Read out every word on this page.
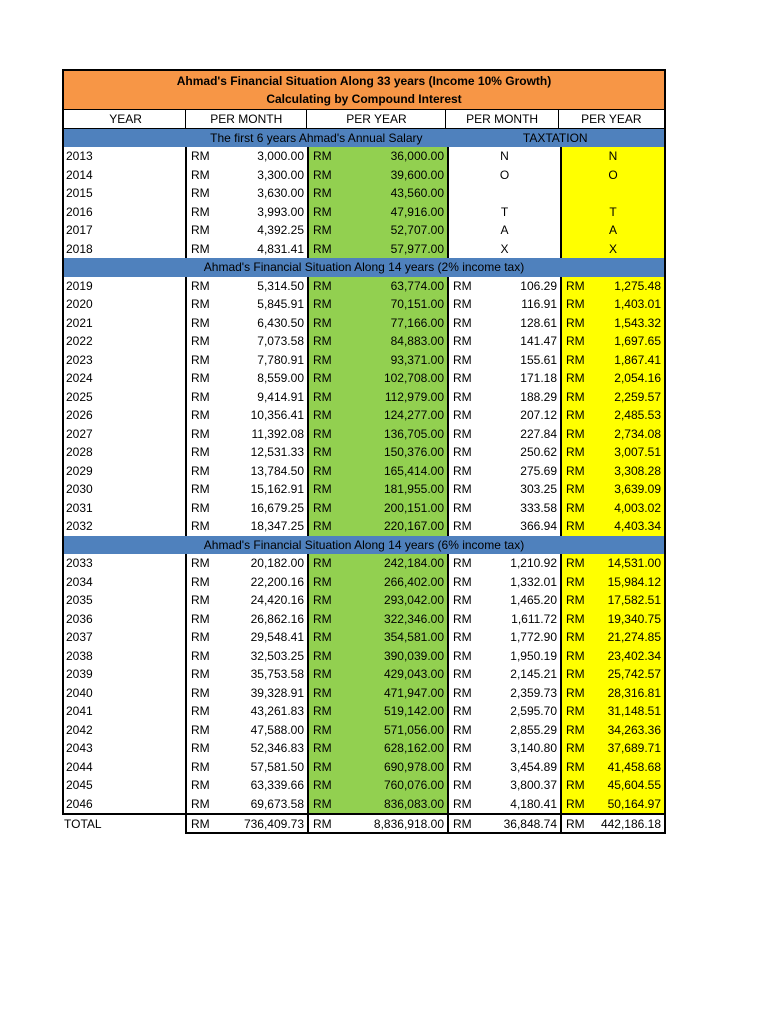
Ahmad's Financial Situation Along 33 years (Income 10% Growth)
Calculating by Compound Interest
YEAR	PER MONTH	PER YEAR	PER MONTH	PER YEAR
The first 6 years Ahmad's Annual Salary	TAXTATION
2013	RM	3,000.00 RM	36,000.00	N	N
2014	RM	3,300.00 RM	39,600.00	O	O
2015	RM	3,630.00 RM	43,560.00
2016	RM	3,993.00 RM	47,916.00	T	T
2017	RM	4,392.25 RM	52,707.00	A	A
2018	RM	4,831.41 RM	57,977.00	X	X
Ahmad's Financial Situation Along 14 years (2% income tax)
2019	RM	5,314.50 RM	63,774.00 RM	106.29 RM	1,275.48
2020	RM	5,845.91 RM	70,151.00 RM	116.91 RM	1,403.01
2021	RM	6,430.50 RM	77,166.00 RM	128.61 RM	1,543.32
2022	RM	7,073.58 RM	84,883.00 RM	141.47 RM	1,697.65
2023	RM	7,780.91 RM	93,371.00 RM	155.61 RM	1,867.41
2024	RM	8,559.00 RM	102,708.00 RM	171.18 RM	2,054.16
2025	RM	9,414.91 RM	112,979.00 RM	188.29 RM	2,259.57
2026	RM	10,356.41 RM	124,277.00 RM	207.12 RM	2,485.53
2027	RM	11,392.08 RM	136,705.00 RM	227.84 RM	2,734.08
2028	RM	12,531.33 RM	150,376.00 RM	250.62 RM	3,007.51
2029	RM	13,784.50 RM	165,414.00 RM	275.69 RM	3,308.28
2030	RM	15,162.91 RM	181,955.00 RM	303.25 RM	3,639.09
2031	RM	16,679.25 RM	200,151.00 RM	333.58 RM	4,003.02
2032	RM	18,347.25 RM	220,167.00 RM	366.94 RM	4,403.34
Ahmad's Financial Situation Along 14 years (6% income tax)
2033	RM	20,182.00 RM	242,184.00 RM	1,210.92 RM	14,531.00
2034	RM	22,200.16 RM	266,402.00 RM	1,332.01 RM	15,984.12
2035	RM	24,420.16 RM	293,042.00 RM	1,465.20 RM	17,582.51
2036	RM	26,862.16 RM	322,346.00 RM	1,611.72 RM	19,340.75
2037	RM	29,548.41 RM	354,581.00 RM	1,772.90 RM	21,274.85
2038	RM	32,503.25 RM	390,039.00 RM	1,950.19 RM	23,402.34
2039	RM	35,753.58 RM	429,043.00 RM	2,145.21 RM	25,742.57
2040	RM	39,328.91 RM	471,947.00 RM	2,359.73 RM	28,316.81
2041	RM	43,261.83 RM	519,142.00 RM	2,595.70 RM	31,148.51
2042	RM	47,588.00 RM	571,056.00 RM	2,855.29 RM	34,263.36
2043	RM	52,346.83 RM	628,162.00 RM	3,140.80 RM	37,689.71
2044	RM	57,581.50 RM	690,978.00 RM	3,454.89 RM	41,458.68
2045	RM	63,339.66 RM	760,076.00 RM	3,800.37 RM	45,604.55
2046	RM	69,673.58 RM	836,083.00 RM	4,180.41 RM	50,164.97
TOTAL	RM	736,409.73 RM	8,836,918.00 RM	36,848.74 RM	442,186.18
